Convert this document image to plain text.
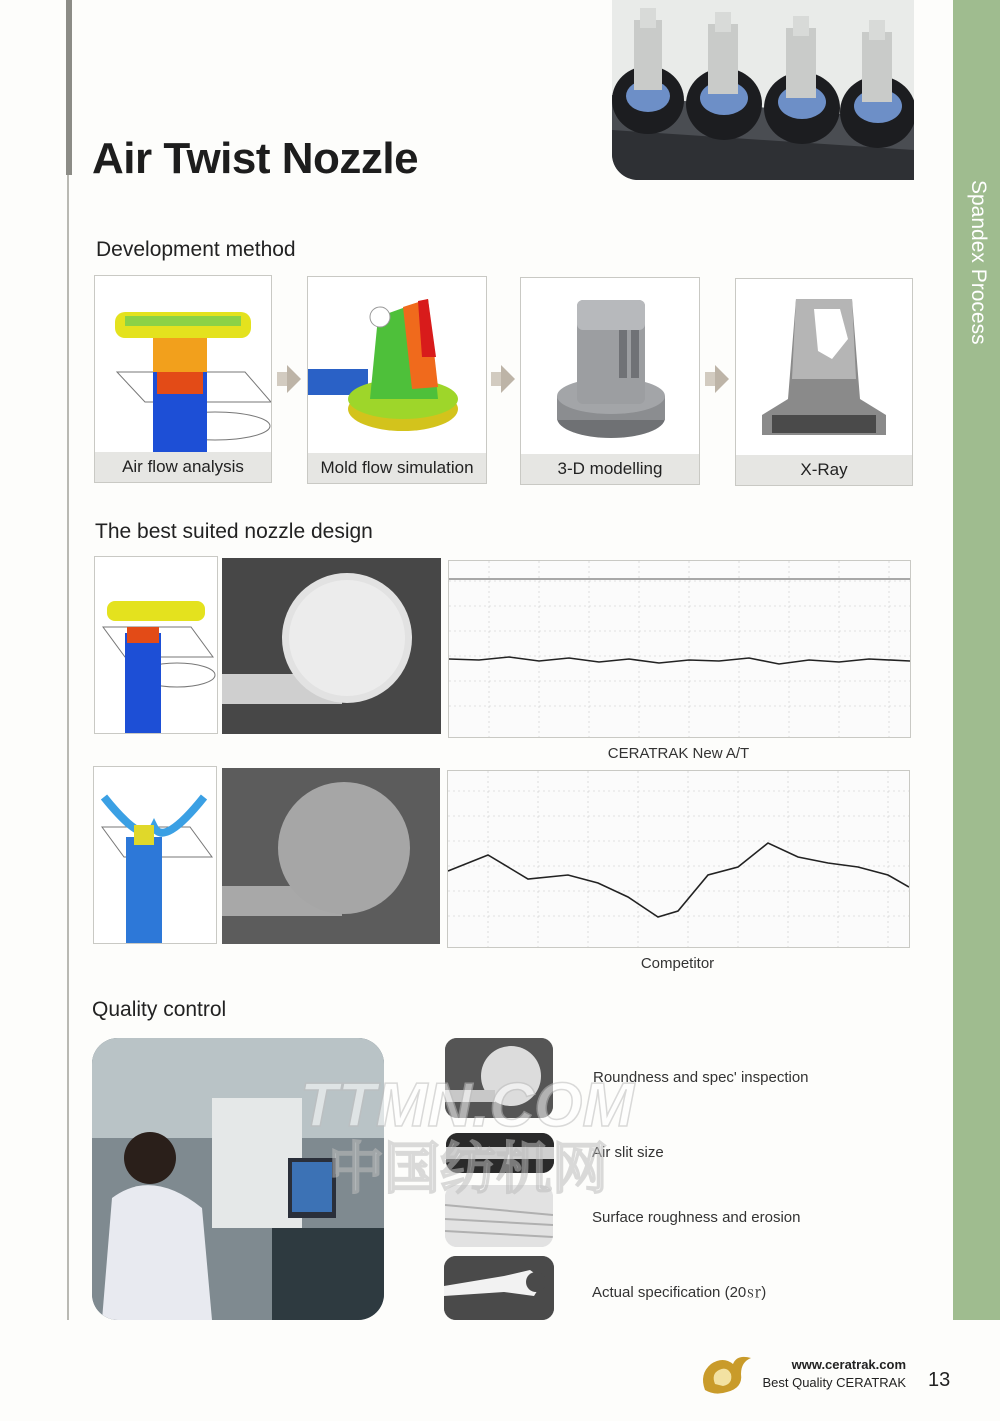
Spandex Process
Air Twist Nozzle
Development method
Air flow analysis	Mold flow simulation	3-D modelling	X-Ray
The best suited nozzle design
CERATRAK New A/T
Competitor
Quality control
Roundness and spec' inspection
Air slit size
Surface roughness and erosion
Actual specification (20㏛)
TTMN.COM
中国纺机网
www.ceratrak.com
Best Quality CERATRAK 13
